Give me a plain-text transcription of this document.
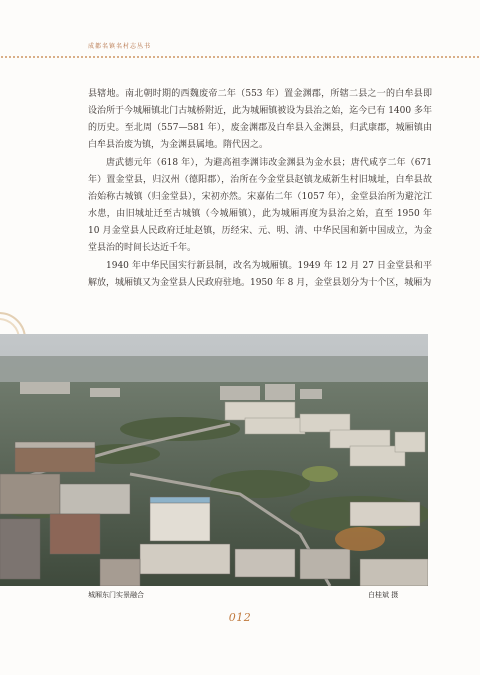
成都名镇名村志丛书

县辖地。南北朝时期的西魏废帝二年（553 年）置金渊郡，所辖二县之一的白牟县即设治所于今城厢镇北门古城桥附近，此为城厢镇被设为县治之始，迄今已有 1400 多年的历史。至北周（557—581 年），废金渊郡及白牟县入金渊县，归武康郡，城厢镇由白牟县治废为镇，为金渊县属地。隋代因之。

唐武德元年（618 年），为避高祖李渊讳改金渊县为金水县；唐代咸亨二年（671 年）置金堂县，归汉州（德阳郡），治所在今金堂县赵镇龙威新生村旧城址，白牟县故治始称古城镇（归金堂县），宋初亦然。宋嘉佑二年（1057 年），金堂县治所为避沱江水患，由旧城址迁至古城镇（今城厢镇），此为城厢再度为县治之始，直至 1950 年 10 月金堂县人民政府迁址赵镇，历经宋、元、明、清、中华民国和新中国成立，为金堂县治的时间长达近千年。

1940 年中华民国实行新县制，改名为城厢镇。1949 年 12 月 27 日金堂县和平解放，城厢镇又为金堂县人民政府驻地。1950 年 8 月，金堂县划分为十个区，城厢为

城厢东门实景融合	白桂斌 摄
012
